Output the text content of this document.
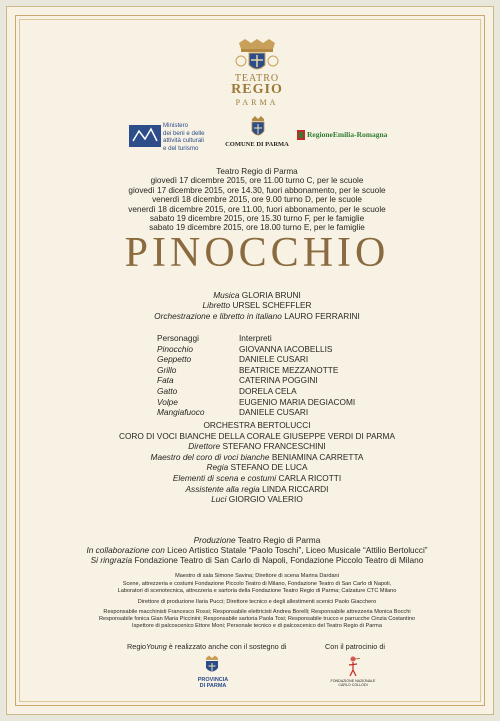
TEATRO
REGIO
PARMA
Ministero
dei beni e delle
attività culturali
e del turismo	COMUNE DI PARMA
RegioneEmilia-Romagna
Teatro Regio di Parma
giovedì 17 dicembre 2015, ore 11.00 turno C, per le scuole
giovedì 17 dicembre 2015, ore 14.30, fuori abbonamento, per le scuole
venerdì 18 dicembre 2015, ore 9.00 turno D, per le scuole
venerdì 18 dicembre 2015, ore 11.00, fuori abbonamento, per le scuole
sabato 19 dicembre 2015, ore 15.30 turno F, per le famiglie
sabato 19 dicembre 2015, ore 18.00 turno E, per le famiglie
PINOCCHIO
Musica GLORIA BRUNI
Libretto URSEL SCHEFFLER
Orchestrazione e libretto in italiano LAURO FERRARINI
Personaggi	Interpreti
Pinocchio	GIOVANNA IACOBELLIS
Geppetto	DANIELE CUSARI
Grillo	BEATRICE MEZZANOTTE
Fata	CATERINA POGGINI
Gatto	DORELA CELA
Volpe	EUGENIO MARIA DEGIACOMI
Mangiafuoco	DANIELE CUSARI
ORCHESTRA BERTOLUCCI
CORO DI VOCI BIANCHE DELLA CORALE GIUSEPPE VERDI DI PARMA
Direttore STEFANO FRANCESCHINI
Maestro del coro di voci bianche BENIAMINA CARRETTA
Regia STEFANO DE LUCA
Elementi di scena e costumi CARLA RICOTTI
Assistente alla regia LINDA RICCARDI
Luci GIORGIO VALERIO
Produzione Teatro Regio di Parma
In collaborazione con Liceo Artistico Statale “Paolo Toschi”, Liceo Musicale “Attilio Bertolucci”
Si ringrazia Fondazione Teatro di San Carlo di Napoli, Fondazione Piccolo Teatro di Milano
Maestro di sala Simone Savina; Direttore di scena Marina Dardani
Scene, attrezzeria e costumi Fondazione Piccolo Teatro di Milano, Fondazione Teatro di San Carlo di Napoli,
Laboratori di scenotecnica, attrezzeria e sartoria della Fondazione Teatro Regio di Parma; Calzature CTC Milano
Direttore di produzione Ilaria Pucci; Direttore tecnico e degli allestimenti scenici Paolo Giacchero
Responsabile macchinisti Francesco Rossi; Responsabile elettricisti Andrea Borelli; Responsabile attrezzeria Monica Bocchi
Responsabile fonica Gian Maria Piccinini; Responsabile sartoria Paola Tosi; Responsabile trucco e parrucche Cinzia Costantino
Ispettore di palcoscenico Ettore Moni; Personale tecnico e di palcoscenico del Teatro Regio di Parma
RegioYoung è realizzato anche con il sostegno di	Con il patrocinio di
PROVINCIA
DI PARMA
FONDAZIONE NAZIONALE
CARLO COLLODI
